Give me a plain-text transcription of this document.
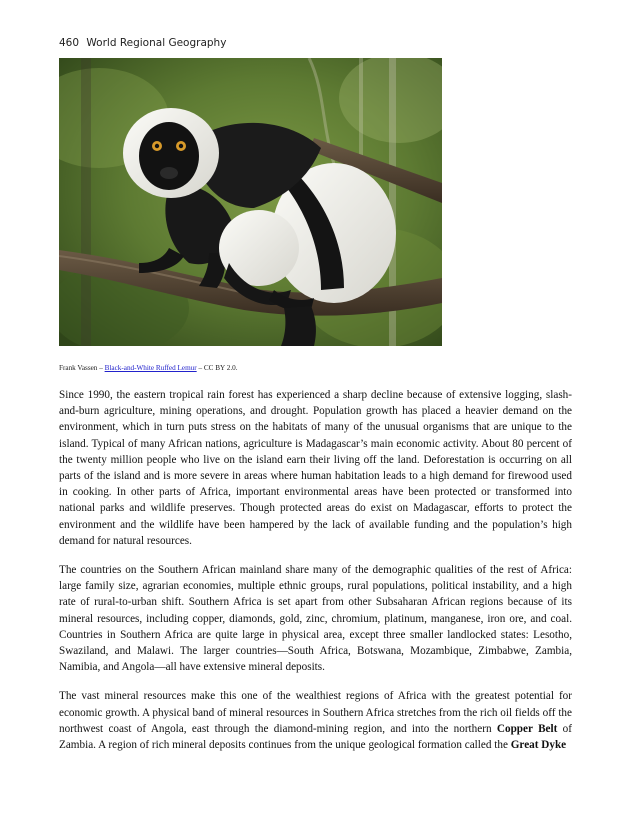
460 World Regional Geography
Frank Vassen – Black-and-White Ruffed Lemur – CC BY 2.0.

Since 1990, the eastern tropical rain forest has experienced a sharp decline because of extensive logging, slash-and-burn agriculture, mining operations, and drought. Population growth has placed a heavier demand on the environment, which in turn puts stress on the habitats of many of the unusual organisms that are unique to the island. Typical of many African nations, agriculture is Madagascar’s main economic activity. About 80 percent of the twenty million people who live on the island earn their living off the land. Deforestation is occurring on all parts of the island and is more severe in areas where human habitation leads to a high demand for firewood used in cooking. In other parts of Africa, important environmental areas have been protected or transformed into national parks and wildlife preserves. Though protected areas do exist on Madagascar, efforts to protect the environment and the wildlife have been hampered by the lack of available funding and the population’s high demand for natural resources.

The countries on the Southern African mainland share many of the demographic qualities of the rest of Africa: large family size, agrarian economies, multiple ethnic groups, rural populations, political instability, and a high rate of rural-to-urban shift. Southern Africa is set apart from other Subsaharan African regions because of its mineral resources, including copper, diamonds, gold, zinc, chromium, platinum, manganese, iron ore, and coal. Countries in Southern Africa are quite large in physical area, except three smaller landlocked states: Lesotho, Swaziland, and Malawi. The larger countries—South Africa, Botswana, Mozambique, Zimbabwe, Zambia, Namibia, and Angola—all have extensive mineral deposits.

The vast mineral resources make this one of the wealthiest regions of Africa with the greatest potential for economic growth. A physical band of mineral resources in Southern Africa stretches from the rich oil fields off the northwest coast of Angola, east through the diamond-mining region, and into the northern Copper Belt of Zambia. A region of rich mineral deposits continues from the unique geological formation called the Great Dyke
